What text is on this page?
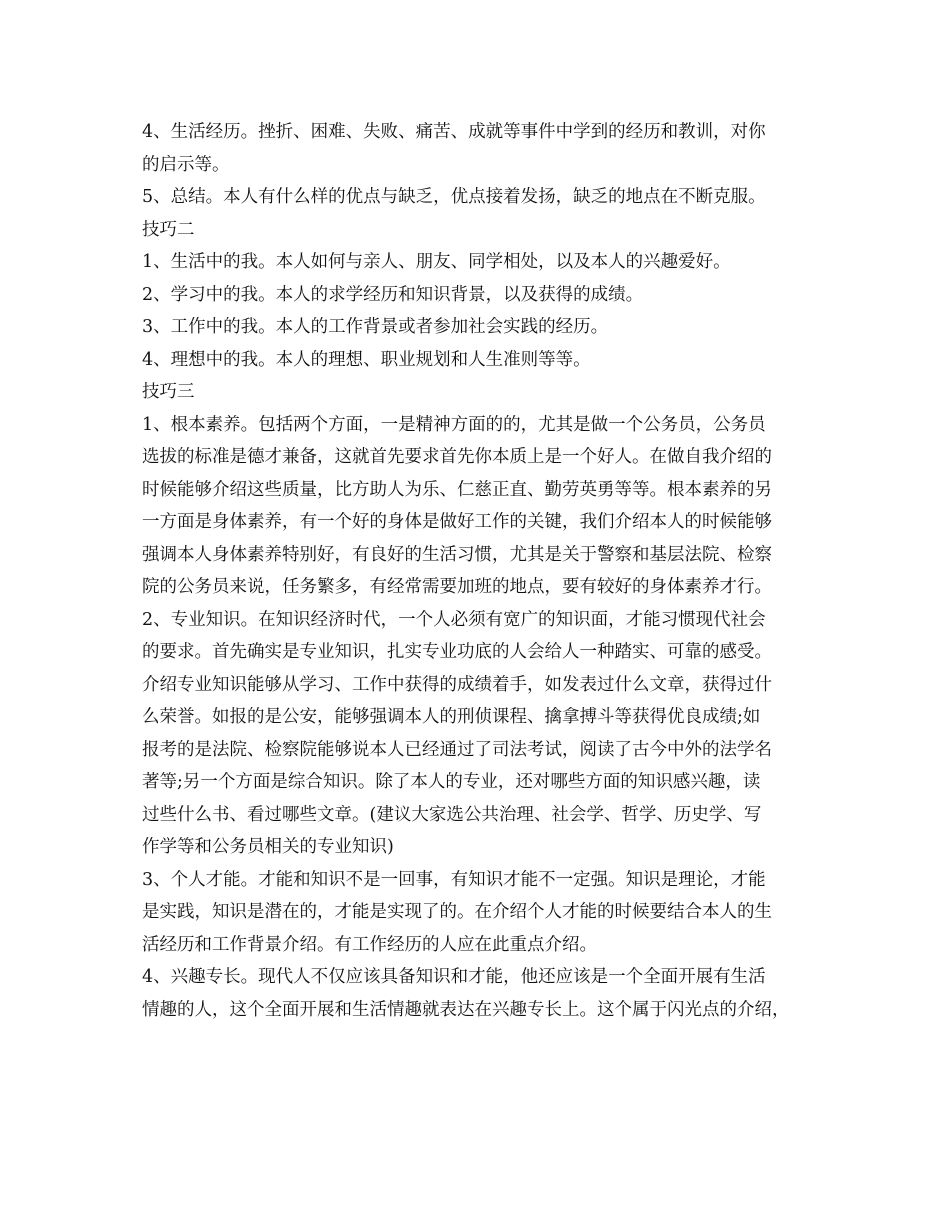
4、生活经历。挫折、困难、失败、痛苦、成就等事件中学到的经历和教训，对你
的启示等。
5、总结。本人有什么样的优点与缺乏，优点接着发扬，缺乏的地点在不断克服。
技巧二
1、生活中的我。本人如何与亲人、朋友、同学相处，以及本人的兴趣爱好。
2、学习中的我。本人的求学经历和知识背景，以及获得的成绩。
3、工作中的我。本人的工作背景或者参加社会实践的经历。
4、理想中的我。本人的理想、职业规划和人生准则等等。
技巧三
1、根本素养。包括两个方面，一是精神方面的的，尤其是做一个公务员，公务员
选拔的标准是德才兼备，这就首先要求首先你本质上是一个好人。在做自我介绍的
时候能够介绍这些质量，比方助人为乐、仁慈正直、勤劳英勇等等。根本素养的另
一方面是身体素养，有一个好的身体是做好工作的关键，我们介绍本人的时候能够
强调本人身体素养特别好，有良好的生活习惯，尤其是关于警察和基层法院、检察
院的公务员来说，任务繁多，有经常需要加班的地点，要有较好的身体素养才行。
2、专业知识。在知识经济时代，一个人必须有宽广的知识面，才能习惯现代社会
的要求。首先确实是专业知识，扎实专业功底的人会给人一种踏实、可靠的感受。
介绍专业知识能够从学习、工作中获得的成绩着手，如发表过什么文章，获得过什
么荣誉。如报的是公安，能够强调本人的刑侦课程、擒拿搏斗等获得优良成绩;如
报考的是法院、检察院能够说本人已经通过了司法考试，阅读了古今中外的法学名
著等;另一个方面是综合知识。除了本人的专业，还对哪些方面的知识感兴趣，读
过些什么书、看过哪些文章。(建议大家选公共治理、社会学、哲学、历史学、写
作学等和公务员相关的专业知识)
3、个人才能。才能和知识不是一回事，有知识才能不一定强。知识是理论，才能
是实践，知识是潜在的，才能是实现了的。在介绍个人才能的时候要结合本人的生
活经历和工作背景介绍。有工作经历的人应在此重点介绍。
4、兴趣专长。现代人不仅应该具备知识和才能，他还应该是一个全面开展有生活
情趣的人，这个全面开展和生活情趣就表达在兴趣专长上。这个属于闪光点的介绍，
